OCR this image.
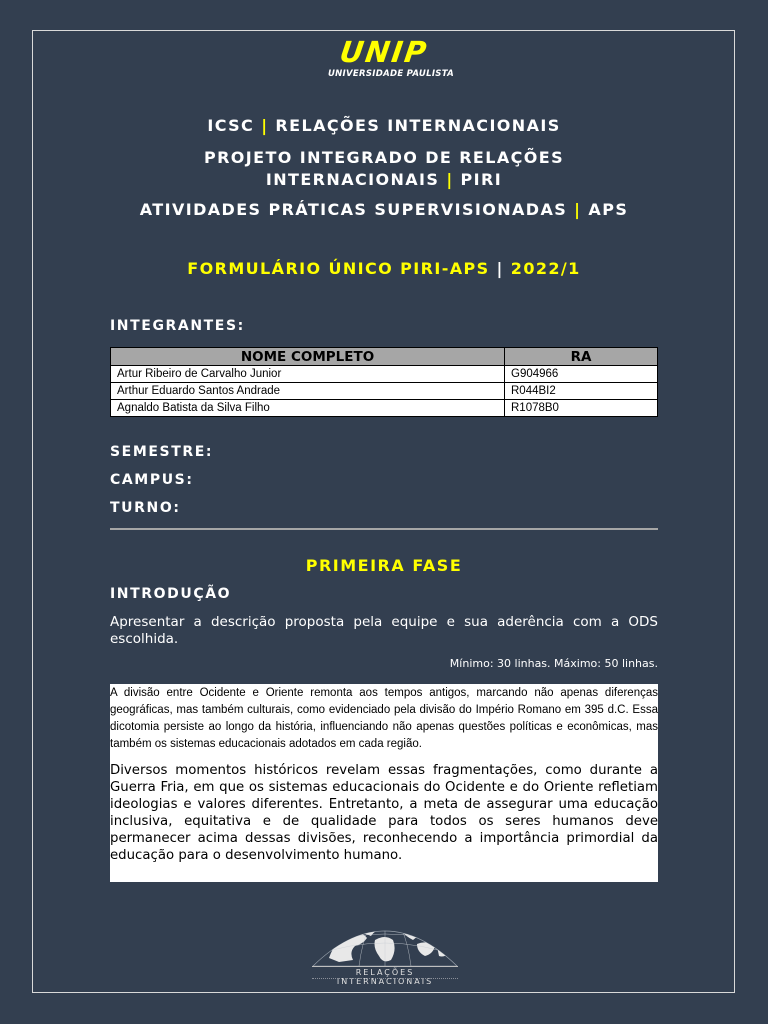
UNIP
UNIVERSIDADE PAULISTA
ICSC | RELAÇÕES INTERNACIONAIS
PROJETO INTEGRADO DE RELAÇÕES
INTERNACIONAIS | PIRI
ATIVIDADES PRÁTICAS SUPERVISIONADAS | APS
FORMULÁRIO ÚNICO PIRI-APS | 2022/1
INTEGRANTES:
NOME COMPLETO	RA
Artur Ribeiro de Carvalho Junior	G904966
Arthur Eduardo Santos Andrade	R044BI2
Agnaldo Batista da Silva Filho	R1078B0
SEMESTRE:
CAMPUS:
TURNO:
PRIMEIRA FASE
INTRODUÇÃO
Apresentar a descrição proposta pela equipe e sua aderência com a ODS escolhida.
Mínimo: 30 linhas. Máximo: 50 linhas.

A divisão entre Ocidente e Oriente remonta aos tempos antigos, marcando não apenas diferenças geográficas, mas também culturais, como evidenciado pela divisão do Império Romano em 395 d.C. Essa dicotomia persiste ao longo da história, influenciando não apenas questões políticas e econômicas, mas também os sistemas educacionais adotados em cada região.

Diversos momentos históricos revelam essas fragmentações, como durante a Guerra Fria, em que os sistemas educacionais do Ocidente e do Oriente refletiam ideologias e valores diferentes. Entretanto, a meta de assegurar uma educação inclusiva, equitativa e de qualidade para todos os seres humanos deve permanecer acima dessas divisões, reconhecendo a importância primordial da educação para o desenvolvimento humano.

RELAÇÕES INTERNACIONAIS
